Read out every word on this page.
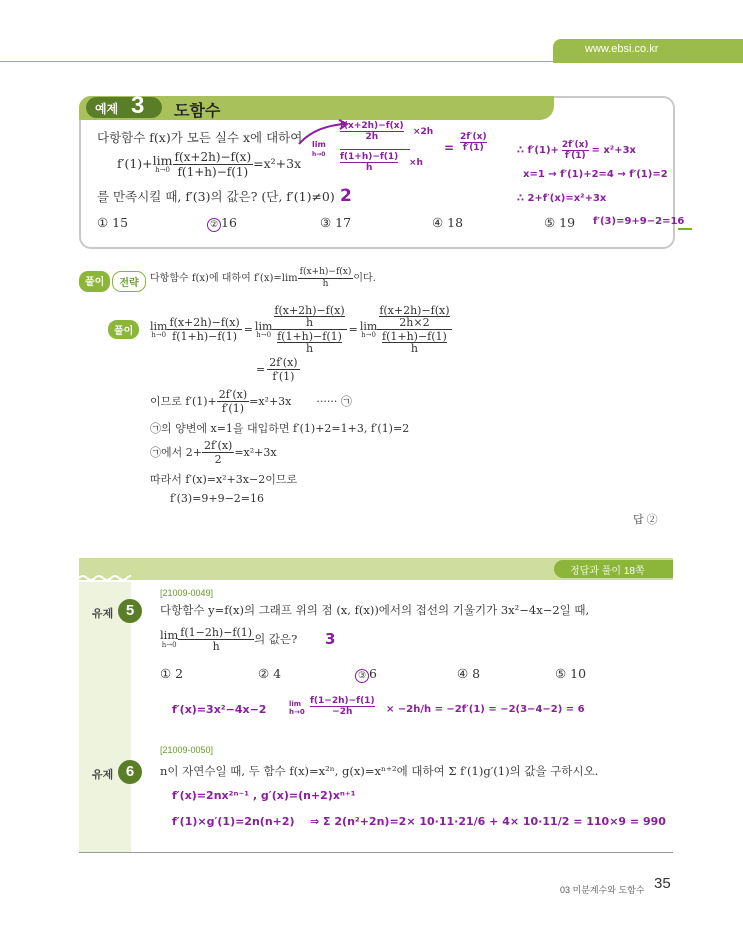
www.ebsi.co.kr
예제 3 도함수
다항함수 f(x)가 모든 실수 x에 대하여
f′(1)+ lim
$h\to 0 \frac{f(x+2h)-f(x)}{f(1+h)-f(1)} =x^2+3x$
를 만족시킬 때, f′(3)의 값은? (단, f′(1)≠0) 2
① 15	② 16	③ 17	④ 18	⑤ 19
lim
h→0
$\frac{f(x+2h)-f(x)}{2h} \times 2h$
$\frac{f(1+h)-f(1)}{h} \times h$
= $\frac{2f'(x)}{f'(1)}$	∴ $f'(1)+ \frac{2f'(x)}{f'(1)} = x^2+3x$
x=1 → f′(1)+2=4 → f′(1)=2
∴ 2+f′(x)=x²+3x
f′(3)=9+9−2=16
풀이	전략	다항함수 f(x)에 대하여 $f'(x)=\lim \frac{f(x+h)-f(x)}{h}$ 이다.
풀이	lim
$h\to 0 \frac{f(x+2h)-f(x)}{f(1+h)-f(1)} = \lim$
h→0 f(x+2h)−f(x)
h
f(1+h)−f(1)
h = lim
h→0 f(x+2h)−f(x)
2h×2
f(1+h)−f(1)
h
= $\frac{2f'(x)}{f'(1)}$
이므로 $f'(1)+ \frac{2f'(x)}{f'(1)} =x^2+3x$ ······ ㉠
㉠의 양변에 x=1을 대입하면 f′(1)+2=1+3, f′(1)=2
㉠에서 $2+ \frac{2f'(x)}{2} =x^2+3x$
따라서 f′(x)=x²+3x−2이므로
f′(3)=9+9−2=16
답 ②
정답과 풀이 18쪽
[21009-0049]
유제 5	다항함수 y=f(x)의 그래프 위의 점 (x, f(x))에서의 접선의 기울기가 3x²−4x−2일 때,
lim
$h\to 0 \frac{f(1-2h)-f(1)}{h}$ 의 값은? 3
① 2	② 4	③ 6	④ 8	⑤ 10
f′(x)=3x²−4x−2	lim
$h\to 0 \frac{f(1-2h)-f(1)}{-2h} \times -2h/h = -2f'(1) = -2(3-4-2) = 6$
[21009-0050]
유제 6	n이 자연수일 때, 두 함수 f(x)=x²ⁿ, g(x)=xⁿ⁺²에 대하여 Σ f′(1)g′(1)의 값을 구하시오.
f′(x)=2nx²ⁿ⁻¹ , g′(x)=(n+2)xⁿ⁺¹
f′(1)×g′(1)=2n(n+2) ⇒ Σ 2(n²+2n)=2× 10·11·21/6 + 4× 10·11/2 = 110×9 = 990
03 미분계수와 도함수 35
